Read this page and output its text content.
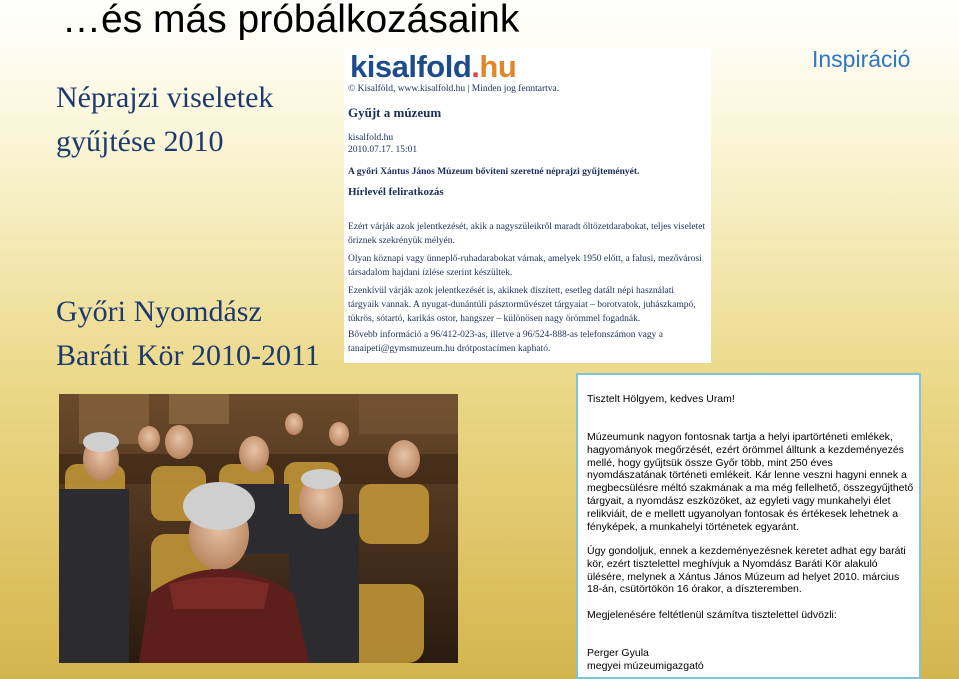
…és más próbálkozásaink
Inspiráció
Néprajzi viseletek
gyűjtése 2010
Győri Nyomdász
Baráti Kör 2010-2011
kisalfold.hu
© Kisalföld, www.kisalfold.hu | Minden jog fenntartva.
Gyűjt a múzeum
kisalfold.hu
2010.07.17. 15:01
A győri Xántus János Múzeum bővíteni szeretné néprajzi gyűjteményét.
Hírlevél feliratkozás
Ezért várják azok jelentkezését, akik a nagyszüleikről maradt öltözetdarabokat, teljes viseletet őriznek szekrényük mélyén.
Olyan köznapi vagy ünneplő-ruhadarabokat várnak, amelyek 1950 előtt, a falusi, mezővárosi társadalom hajdani ízlése szerint készültek.
Ezenkívül várják azok jelentkezését is, akiknek díszített, esetleg datált népi használati tárgyaik vannak. A nyugat-dunántúli pásztorművészet tárgyaiat – borotvatok, juhászkampó, tükrös, sótartó, karikás ostor, hangszer – különösen nagy örömmel fogadnák.
Bővebb információ a 96/412-023-as, illetve a 96/524-888-as telefonszámon vagy a tanaipeti@gymsmuzeum.hu drótpostacímen kapható.
Tisztelt Hölgyem, kedves Uram!
Múzeumunk nagyon fontosnak tartja a helyi ipartörténeti emlékek, hagyományok megőrzését, ezért örömmel álltunk a kezdeményezés mellé, hogy gyűjtsük össze Győr több, mint 250 éves nyomdászatának történeti emlékeit. Kár lenne veszni hagyni ennek a megbecsülésre méltó szakmának a ma még fellelhető, összegyűjthető tárgyait, a nyomdász eszközöket, az egyleti vagy munkahelyi élet relikviáit, de e mellett ugyanolyan fontosak és értékesek lehetnek a fényképek, a munkahelyi történetek egyaránt.
Úgy gondoljuk, ennek a kezdeményezésnek keretet adhat egy baráti kör, ezért tisztelettel meghívjuk a Nyomdász Baráti Kör alakuló ülésére, melynek a Xántus János Múzeum ad helyet 2010. március 18-án, csütörtökön 16 órakor, a díszteremben.
Megjelenésére feltétlenül számítva tisztelettel üdvözli:
Perger Gyula
megyei múzeumigazgató
